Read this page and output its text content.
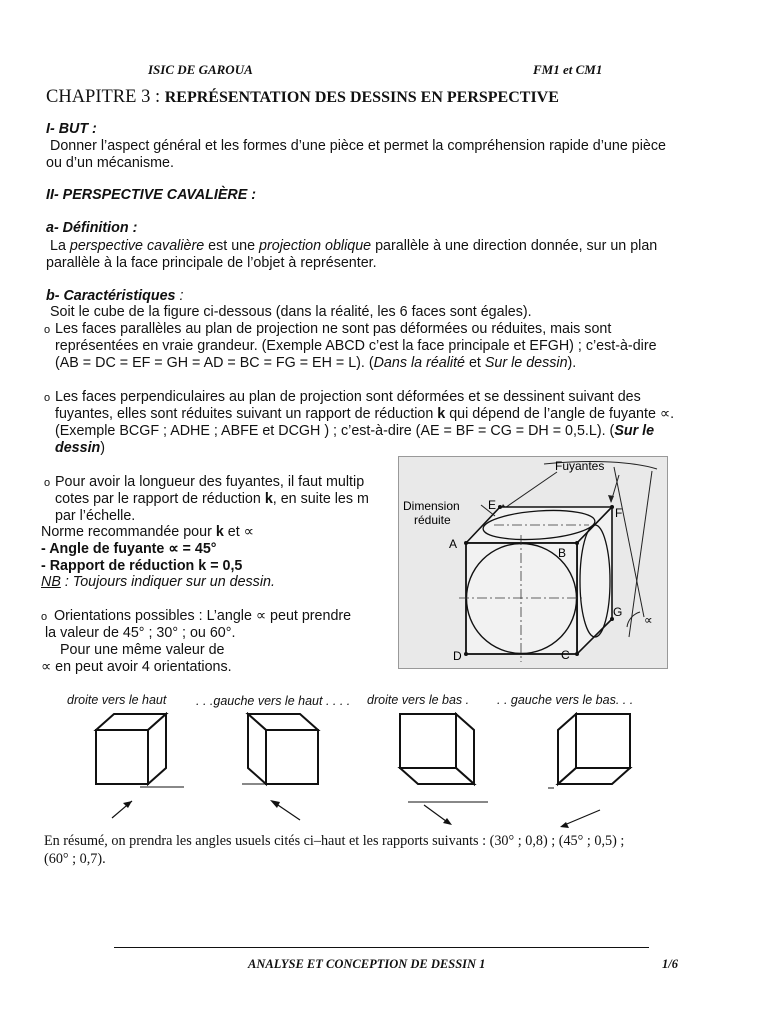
ISIC DE GAROUA	FM1 et CM1
CHAPITRE 3 : REPRÉSENTATION DES DESSINS EN PERSPECTIVE
I- BUT :
Donner l’aspect général et les formes d’une pièce et permet la compréhension rapide d’une pièce
ou d’un mécanisme.
II- PERSPECTIVE CAVALIÈRE :
a- Définition :
La perspective cavalière est une projection oblique parallèle à une direction donnée, sur un plan
parallèle à la face principale de l’objet à représenter.
b- Caractéristiques :
Soit le cube de la figure ci-dessous (dans la réalité, les 6 faces sont égales).
o Les faces parallèles au plan de projection ne sont pas déformées ou réduites, mais sont
représentées en vraie grandeur. (Exemple ABCD c’est la face principale et EFGH) ; c’est-à-dire
(AB = DC = EF = GH = AD = BC = FG = EH = L). (Dans la réalité et Sur le dessin).
o Les faces perpendiculaires au plan de projection sont déformées et se dessinent suivant des
fuyantes, elles sont réduites suivant un rapport de réduction k qui dépend de l’angle de fuyante ∝.
(Exemple BCGF ; ADHE ; ABFE et DCGH ) ; c’est-à-dire (AE = BF = CG = DH = 0,5.L). (Sur le
dessin)
o Pour avoir la longueur des fuyantes, il faut multip
cotes par le rapport de réduction k, en suite les m
par l’échelle.
Norme recommandée pour k et ∝
- Angle de fuyante ∝ = 45°
- Rapport de réduction k = 0,5
NB : Toujours indiquer sur un dessin.
o Orientations possibles : L’angle ∝ peut prendre
la valeur de 45° ; 30° ; ou 60°.
Pour une même valeur de
∝ en peut avoir 4 orientations.
Fuyantes
Dimension
réduite
A
B
C
D
E
F
G
∝
droite vers le haut . . .gauche vers le haut . . . . droite vers le bas . . . gauche vers le bas. . .
En résumé, on prendra les angles usuels cités ci–haut et les rapports suivants : (30° ; 0,8) ; (45° ; 0,5) ;
(60° ; 0,7).
ANALYSE ET CONCEPTION DE DESSIN 1	1/6
